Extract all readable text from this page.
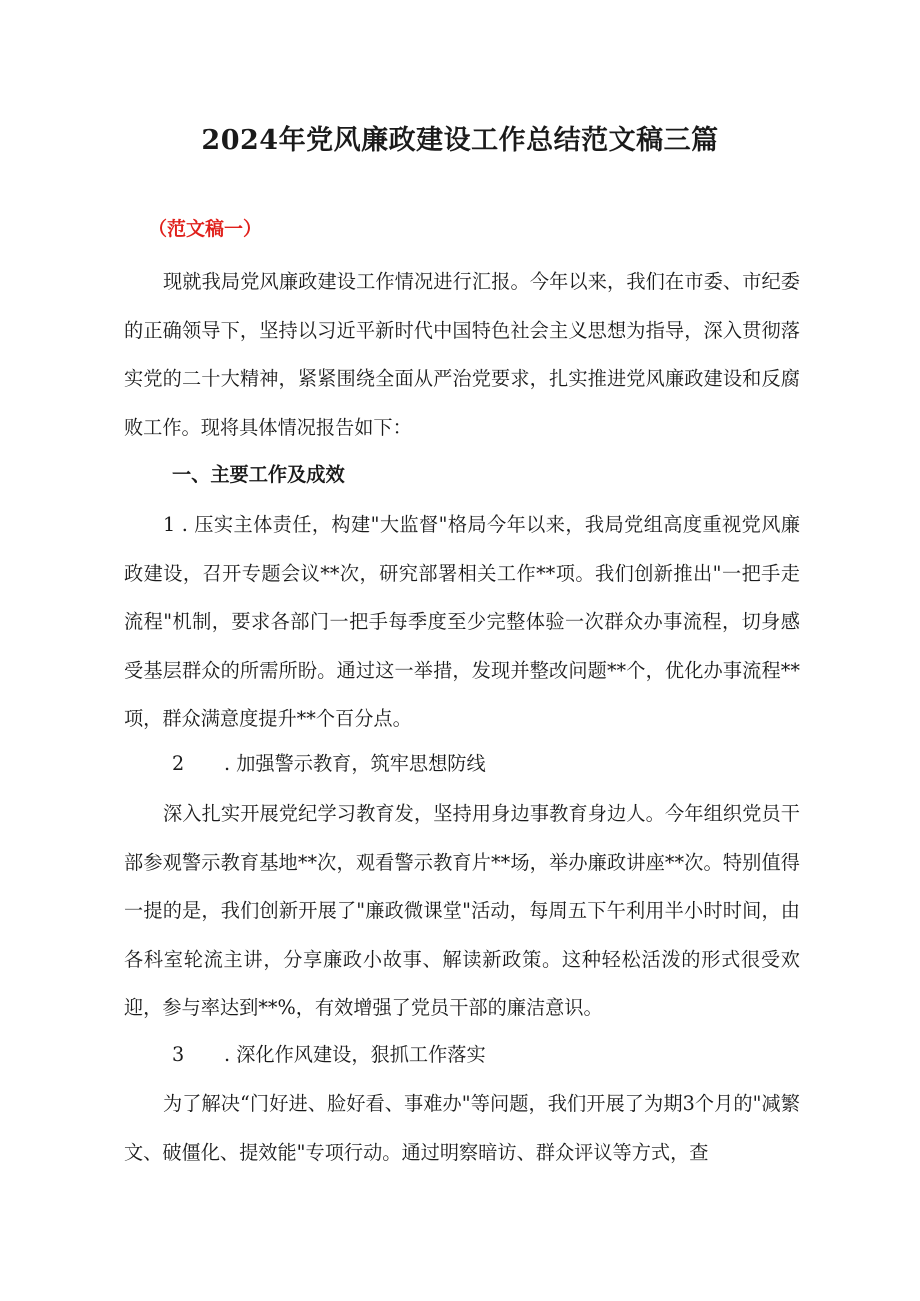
2024年党风廉政建设工作总结范文稿三篇
（范文稿一）

现就我局党风廉政建设工作情况进行汇报。今年以来，我们在市委、市纪委的正确领导下，坚持以习近平新时代中国特色社会主义思想为指导，深入贯彻落实党的二十大精神，紧紧围绕全面从严治党要求，扎实推进党风廉政建设和反腐败工作。现将具体情况报告如下：

一、主要工作及成效

1 . 压实主体责任，构建"大监督"格局今年以来，我局党组高度重视党风廉政建设，召开专题会议**次，研究部署相关工作**项。我们创新推出"一把手走流程"机制，要求各部门一把手每季度至少完整体验一次群众办事流程，切身感受基层群众的所需所盼。通过这一举措，发现并整改问题**个，优化办事流程**项，群众满意度提升**个百分点。

2 . 加强警示教育，筑牢思想防线

深入扎实开展党纪学习教育发，坚持用身边事教育身边人。今年组织党员干部参观警示教育基地**次，观看警示教育片**场，举办廉政讲座**次。特别值得一提的是，我们创新开展了"廉政微课堂"活动，每周五下午利用半小时时间，由各科室轮流主讲，分享廉政小故事、解读新政策。这种轻松活泼的形式很受欢迎，参与率达到**%，有效增强了党员干部的廉洁意识。

3 . 深化作风建设，狠抓工作落实

为了解决“门好进、脸好看、事难办"等问题，我们开展了为期3个月的"减繁文、破僵化、提效能"专项行动。通过明察暗访、群众评议等方式，查
